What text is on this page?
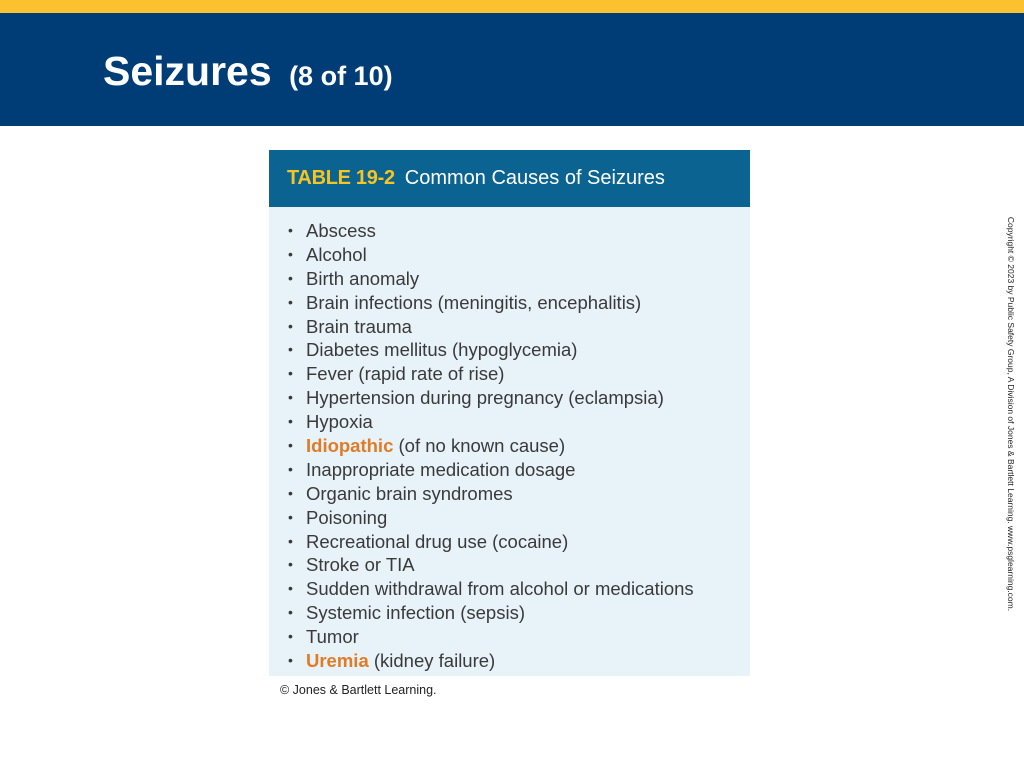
Seizures (8 of 10)
TABLE 19-2 Common Causes of Seizures
• Abscess
• Alcohol
• Birth anomaly
• Brain infections (meningitis, encephalitis)
• Brain trauma
• Diabetes mellitus (hypoglycemia)
• Fever (rapid rate of rise)
• Hypertension during pregnancy (eclampsia)
• Hypoxia
• Idiopathic (of no known cause)
• Inappropriate medication dosage
• Organic brain syndromes
• Poisoning
• Recreational drug use (cocaine)
• Stroke or TIA
• Sudden withdrawal from alcohol or medications
• Systemic infection (sepsis)
• Tumor
• Uremia (kidney failure)

© Jones & Bartlett Learning.

Copyright © 2023 by Public Safety Group, A Division of Jones & Bartlett Learning. www.psglearning.com.
